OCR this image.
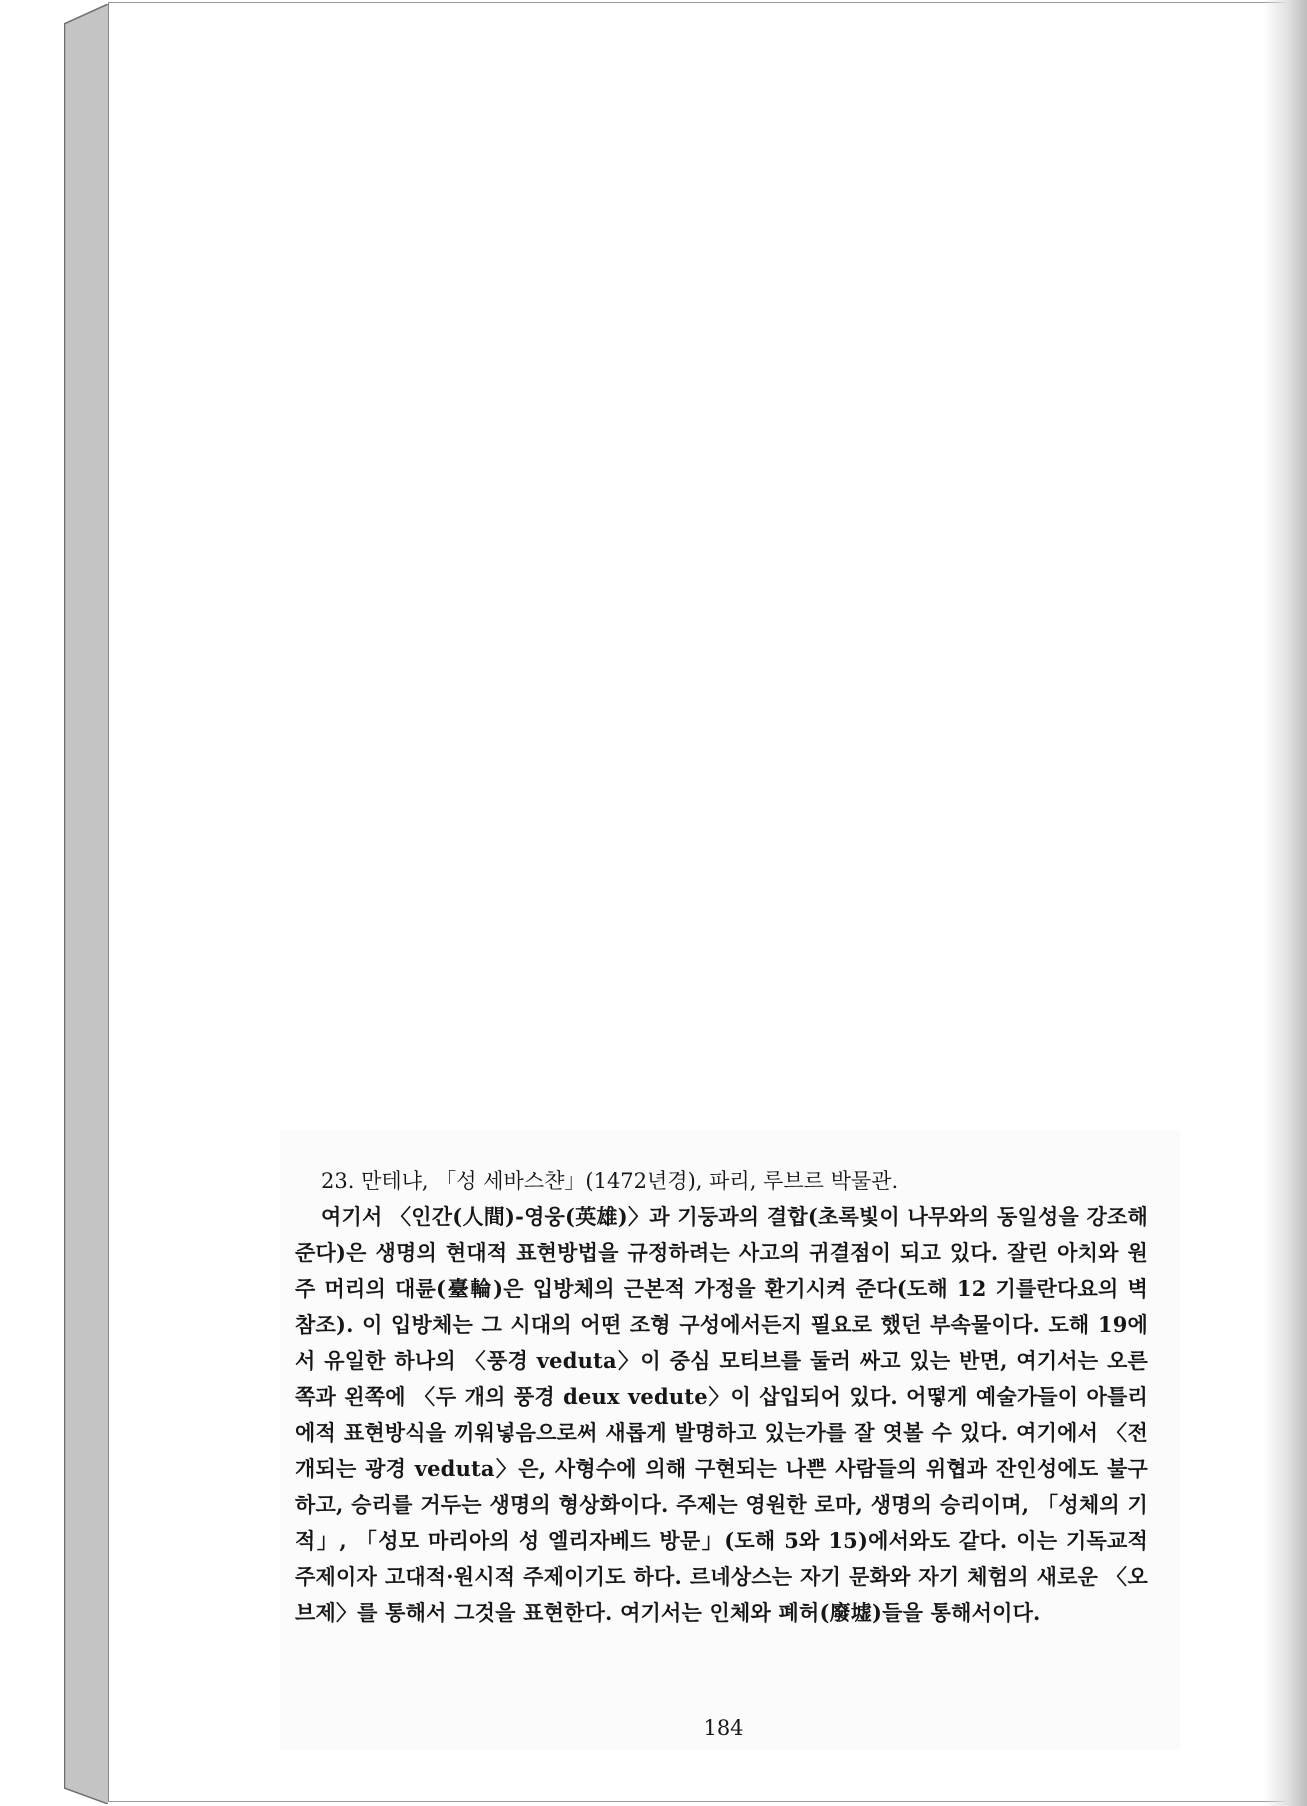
23. 만테냐, 「성 세바스챤」(1472년경), 파리, 루브르 박물관.

여기서 〈인간(人間)-영웅(英雄)〉과 기둥과의 결합(초록빛이 나무와의 동일성을 강조해 준다)은 생명의 현대적 표현방법을 규정하려는 사고의 귀결점이 되고 있다. 잘린 아치와 원주 머리의 대륜(臺輪)은 입방체의 근본적 가정을 환기시켜 준다(도해 12 기를란다요의 벽 참조). 이 입방체는 그 시대의 어떤 조형 구성에서든지 필요로 했던 부속물이다. 도해 19에서 유일한 하나의 〈풍경 veduta〉이 중심 모티브를 둘러 싸고 있는 반면, 여기서는 오른쪽과 왼쪽에 〈두 개의 풍경 deux vedute〉이 삽입되어 있다. 어떻게 예술가들이 아틀리에적 표현방식을 끼워넣음으로써 새롭게 발명하고 있는가를 잘 엿볼 수 있다. 여기에서 〈전개되는 광경 veduta〉은, 사형수에 의해 구현되는 나쁜 사람들의 위협과 잔인성에도 불구하고, 승리를 거두는 생명의 형상화이다. 주제는 영원한 로마, 생명의 승리이며, 「성체의 기적」, 「성모 마리아의 성 엘리자베드 방문」(도해 5와 15)에서와도 같다. 이는 기독교적 주제이자 고대적·원시적 주제이기도 하다. 르네상스는 자기 문화와 자기 체험의 새로운 〈오브제〉를 통해서 그것을 표현한다. 여기서는 인체와 폐허(廢墟)들을 통해서이다.

184
